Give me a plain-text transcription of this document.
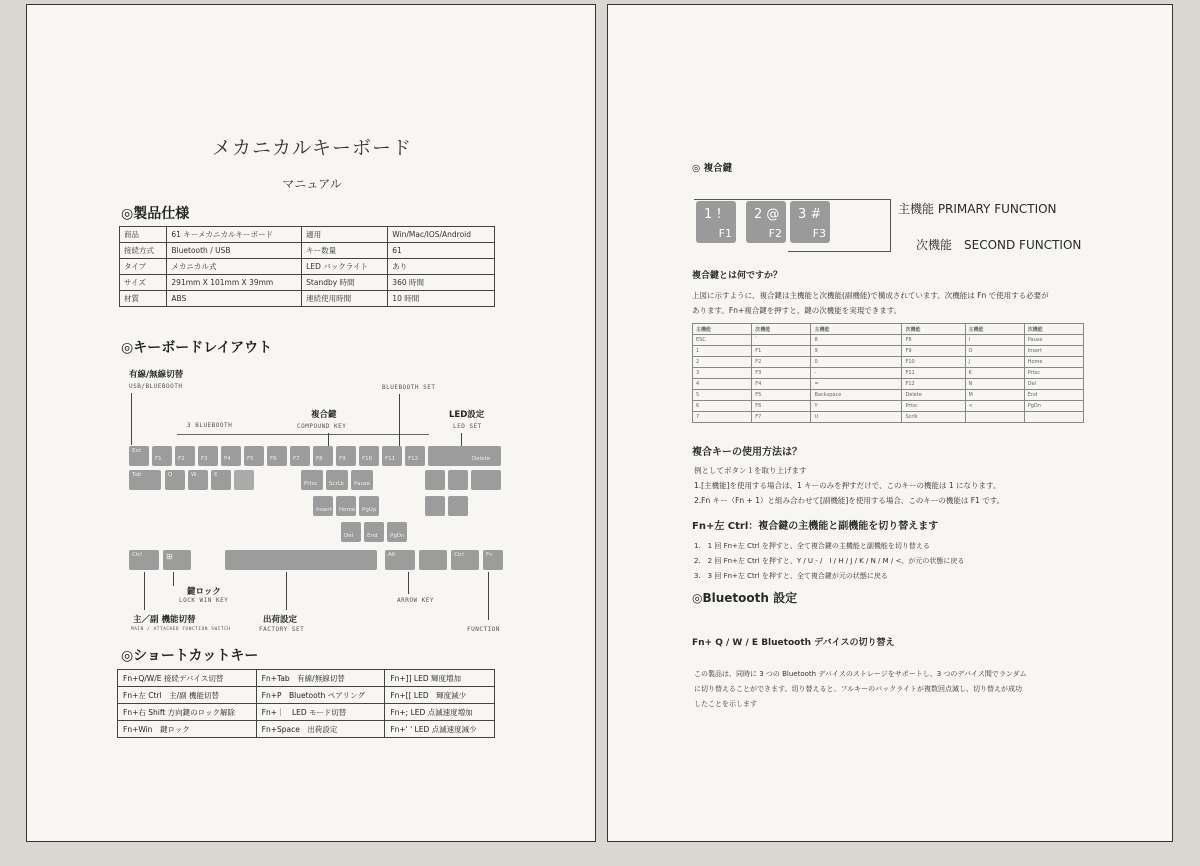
メカニカルキーボード
マニュアル
◎製品仕様
商品	61 キーメカニカルキーボード	適用	Win/Mac/IOS/Android
接続方式	Bluetooth / USB	キー数量	61
タイプ	メカニカル式	LED バックライト	あり
サイズ	291mm X 101mm X 39mm	Standby 時間	360 時間
材質	ABS	連続使用時間	10 時間
◎キーボードレイアウト
有線/無線切替
USB/BLUEBOOTH	BLUEBOOTH SET
3 BLUEBOOTH
複合鍵
COMPOUND KEY
LED設定
LED SET
Esc
F1	F2	F3	F4	F5	F6	F7	F8	F9	F10 F11 F12	Delete
Tab	Q	W	E
Prtsc ScrLk Pause
Insert Home PgUp
Del	End PgDn
Ctrl	⊞	Alt	Ctrl	Fn
鍵ロック
LOCK WIN KEY
主／副 機能切替
MAIN / ATTACHED FUNCTION SWITCH
出荷設定
FACTORY SET
ARROW KEY
FUNCTION
◎ショートカットキー
Fn+Q/W/E 接続デバイス切替	Fn+Tab　有線/無線切替	Fn+]] LED 輝度増加
Fn+左 Ctrl　主/副 機能切替	Fn+P　Bluetooth ペアリング	Fn+[[ LED　輝度減少
Fn+右 Shift 方向鍵のロック解除	Fn+｜　LED モード切替	Fn+; LED 点滅速度増加
Fn+Win　鍵ロック	Fn+Space　出荷設定	Fn+' ' LED 点滅速度減少
◎ 複合鍵
1 !
F1
2 @
F2
3 #
F3
主機能 PRIMARY FUNCTION
次機能　SECOND FUNCTION
複合鍵とは何ですか？
上図に示すように、複合鍵は主機能と次機能(副機能)で構成されています。次機能は Fn で使用する必要が
あります。Fn+複合鍵を押すと、鍵の次機能を実現できます。
主機能	次機能	主機能	次機能	主機能	次機能
ESC	`	8	F8	I	Pause
1	F1	9	F9	O	Insert
2	F2	0	F10	J	Home
3	F3	-	F11	K	Prtsc
4	F4	=	F12	N	Del
5	F5	Backspace	Delete	M	End
6	F6	Y	Prtsc	<	PgDn
7	F7	U	Scrlk		
複合キーの使用方法は？
例としてボタン１を取り上げます
1.[主機能]を使用する場合は、1 キーのみを押すだけで、このキーの機能は 1 になります。
2.Fn キー（Fn + 1）と組み合わせて[副機能]を使用する場合、このキーの機能は F1 です。
Fn+左 Ctrl：複合鍵の主機能と副機能を切り替えます
1.　1 回 Fn+左 Ctrl を押すと、全て複合鍵の主機能と副機能を切り替える
2.　2 回 Fn+左 Ctrl を押すと、Y / U - /　I / H / J / K / N / M / <、が元の状態に戻る
3.　3 回 Fn+左 Ctrl を押すと、全て複合鍵が元の状態に戻る
◎Bluetooth 設定
Fn+ Q / W / E Bluetooth デバイスの切り替え
この製品は、同時に 3 つの Bluetooth デバイスのストレージをサポートし、3 つのデバイス間でランダム
に切り替えることができます。切り替えると、フルキーのバックライトが複数回点滅し、切り替えが成功
したことを示します
